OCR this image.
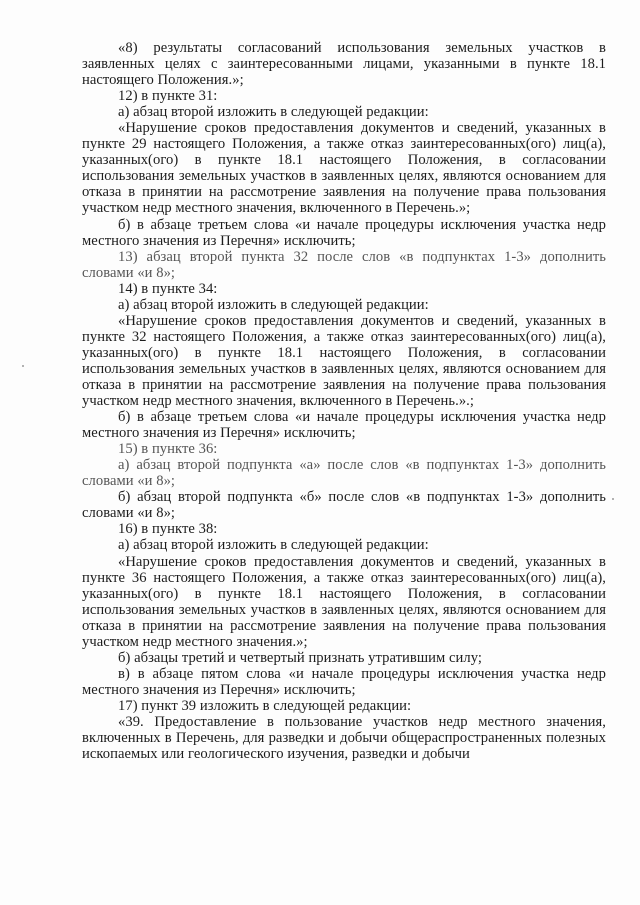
«8) результаты согласований использования земельных участков в заявленных целях с заинтересованными лицами, указанными в пункте 18.1 настоящего Положения.»;

12) в пункте 31:

а) абзац второй изложить в следующей редакции:

«Нарушение сроков предоставления документов и сведений, указанных в пункте 29 настоящего Положения, а также отказ заинтересованных(ого) лиц(а), указанных(ого) в пункте 18.1 настоящего Положения, в согласовании использования земельных участков в заявленных целях, являются основанием для отказа в принятии на рассмотрение заявления на получение права пользования участком недр местного значения, включенного в Перечень.»;

б) в абзаце третьем слова «и начале процедуры исключения участка недр местного значения из Перечня» исключить;

13) абзац второй пункта 32 после слов «в подпунктах 1-3» дополнить словами «и 8»;

14) в пункте 34:

а) абзац второй изложить в следующей редакции:

«Нарушение сроков предоставления документов и сведений, указанных в пункте 32 настоящего Положения, а также отказ заинтересованных(ого) лиц(а), указанных(ого) в пункте 18.1 настоящего Положения, в согласовании использования земельных участков в заявленных целях, являются основанием для отказа в принятии на рассмотрение заявления на получение права пользования участком недр местного значения, включенного в Перечень.».;

б) в абзаце третьем слова «и начале процедуры исключения участка недр местного значения из Перечня» исключить;

15) в пункте 36:

а) абзац второй подпункта «а» после слов «в подпунктах 1-3» дополнить словами «и 8»;

б) абзац второй подпункта «б» после слов «в подпунктах 1-3» дополнить словами «и 8»;

16) в пункте 38:

а) абзац второй изложить в следующей редакции:

«Нарушение сроков предоставления документов и сведений, указанных в пункте 36 настоящего Положения, а также отказ заинтересованных(ого) лиц(а), указанных(ого) в пункте 18.1 настоящего Положения, в согласовании использования земельных участков в заявленных целях, являются основанием для отказа в принятии на рассмотрение заявления на получение права пользования участком недр местного значения.»;

б) абзацы третий и четвертый признать утратившим силу;

в) в абзаце пятом слова «и начале процедуры исключения участка недр местного значения из Перечня» исключить;

17) пункт 39 изложить в следующей редакции:

«39. Предоставление в пользование участков недр местного значения, включенных в Перечень, для разведки и добычи общераспространенных полезных ископаемых или геологического изучения, разведки и добычи
